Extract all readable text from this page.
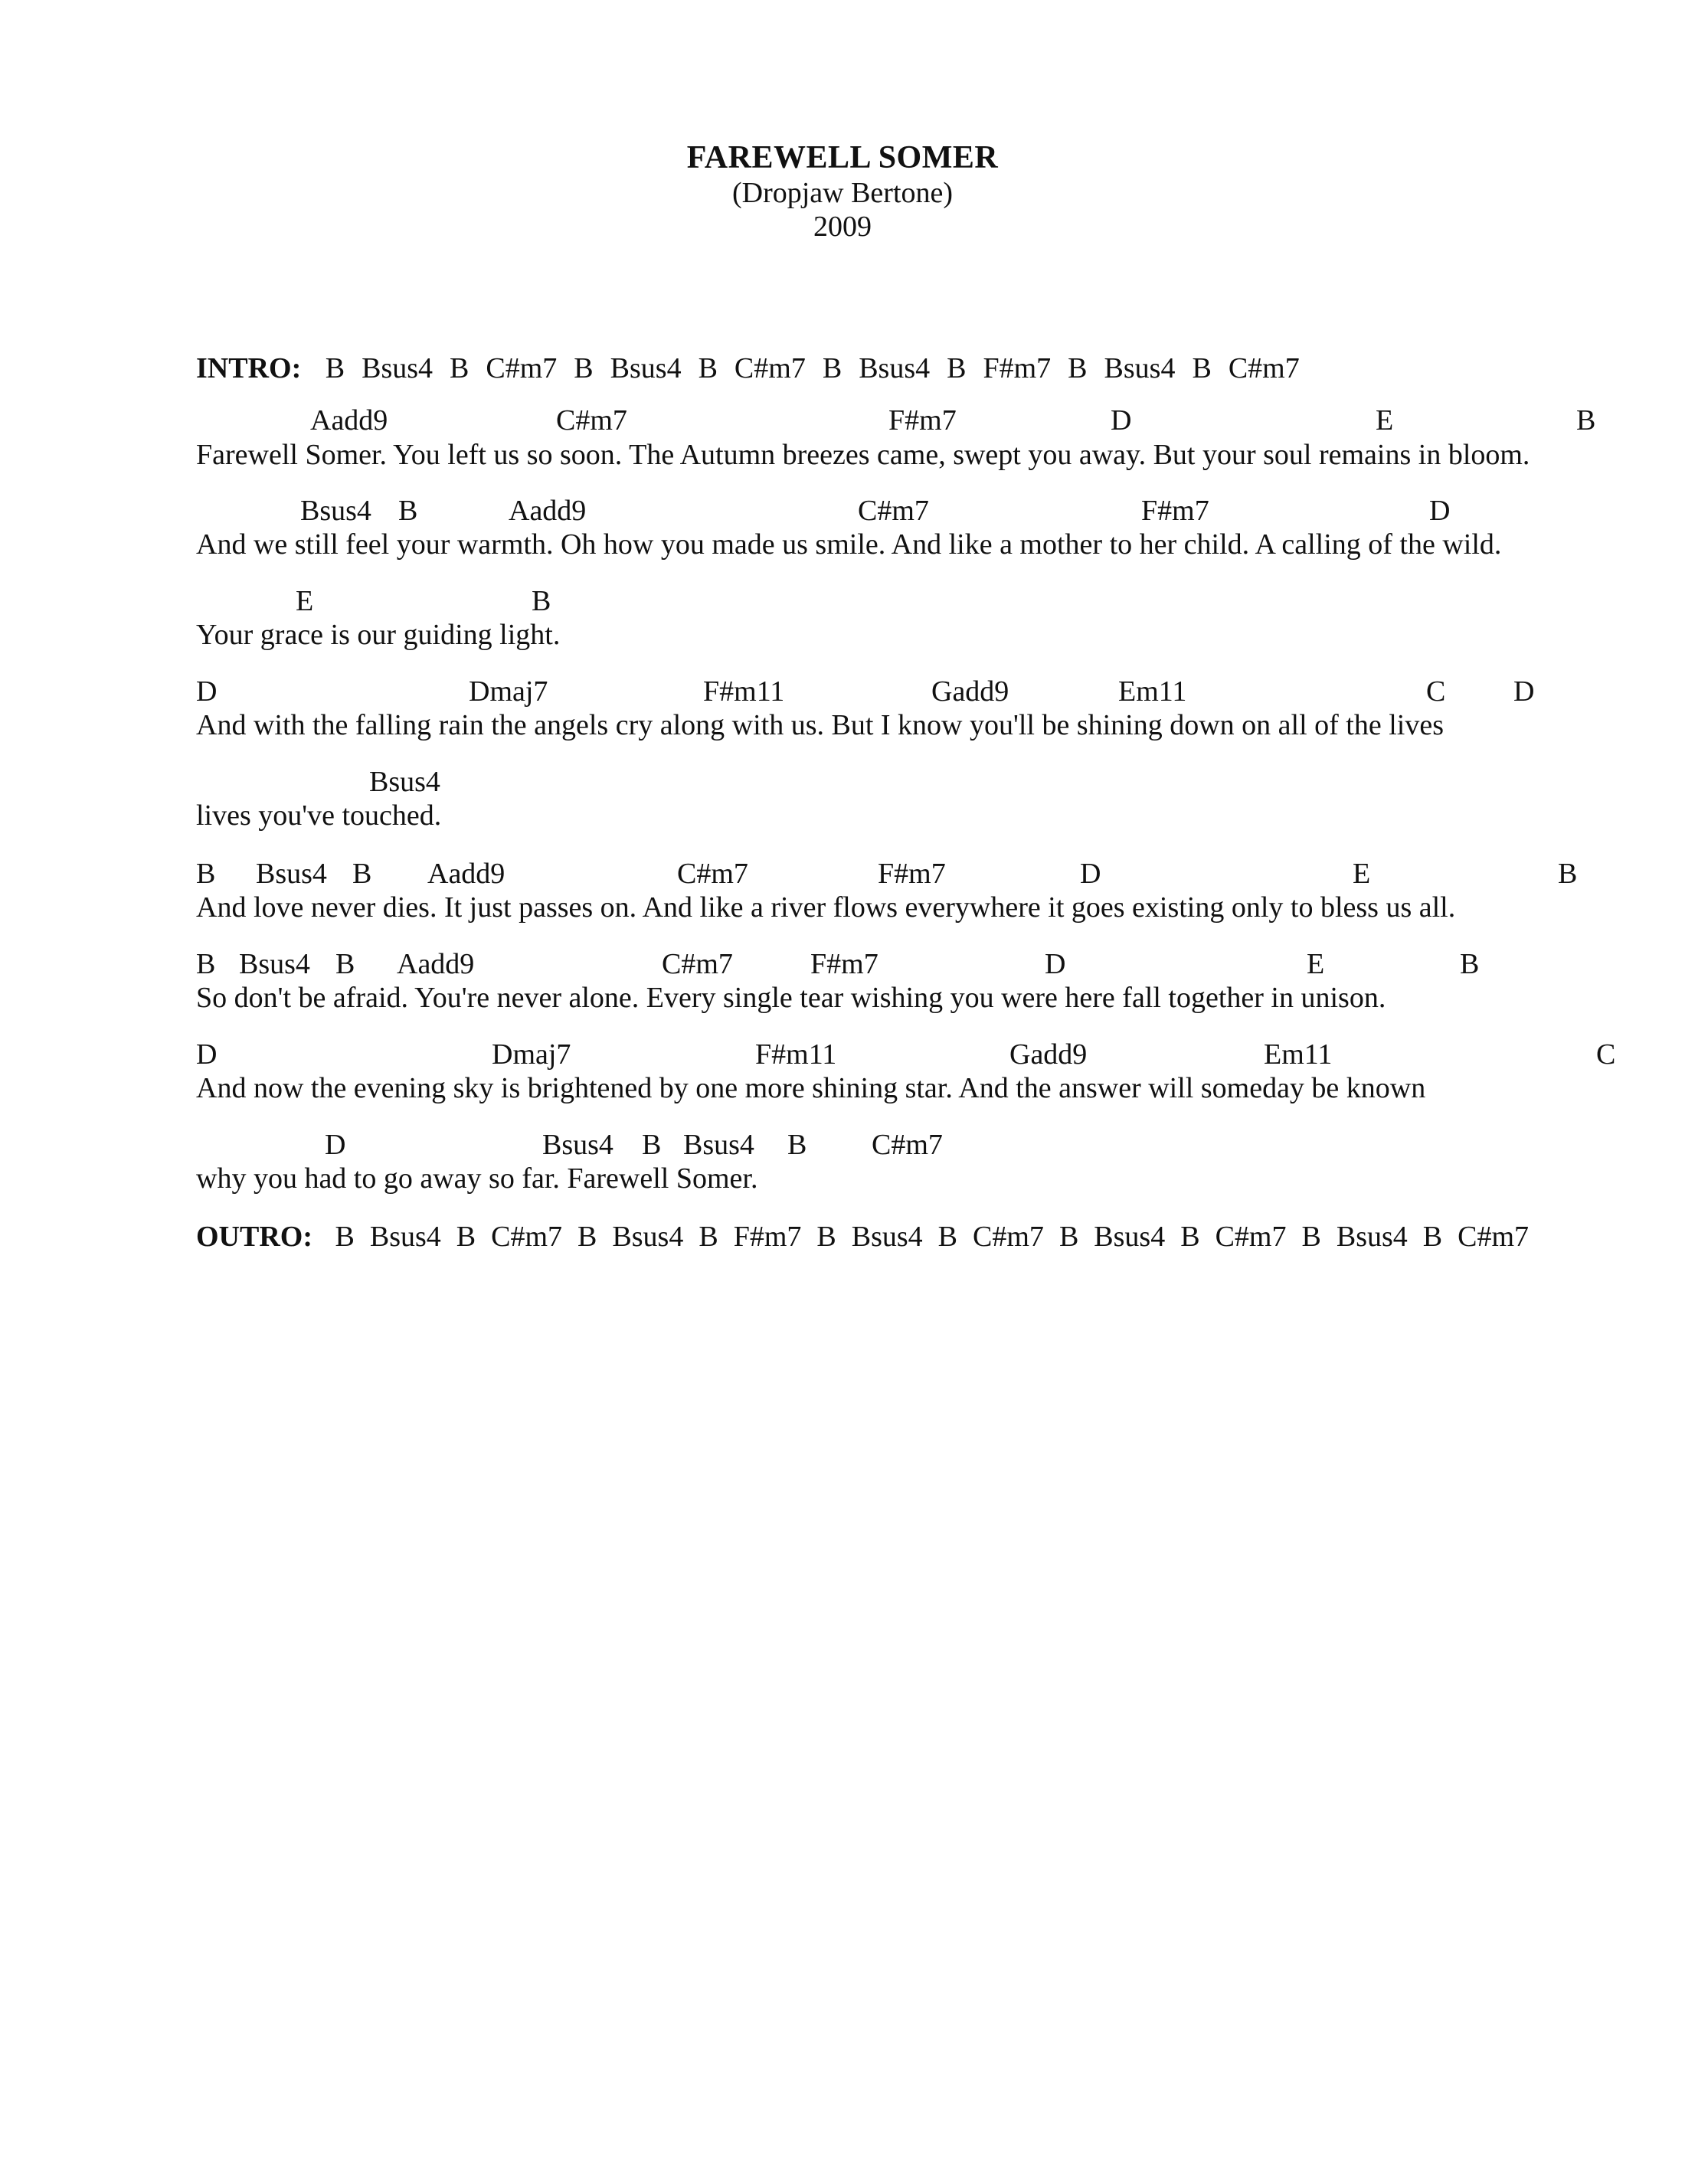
FAREWELL SOMER
(Dropjaw Bertone)
2009
INTRO: B Bsus4 B C#m7 B Bsus4 B C#m7 B Bsus4 B F#m7 B Bsus4 B C#m7
Aadd9	C#m7	F#m7	D	E	B
Farewell Somer. You left us so soon. The Autumn breezes came, swept you away. But your soul remains in bloom.
Bsus4 B	Aadd9	C#m7	F#m7	D
And we still feel your warmth. Oh how you made us smile. And like a mother to her child. A calling of the wild.
E	B
Your grace is our guiding light.
D	Dmaj7	F#m11	Gadd9	Em11	C D
And with the falling rain the angels cry along with us. But I know you'll be shining down on all of the lives
Bsus4
lives you've touched.
B Bsus4 B Aadd9	C#m7	F#m7	D	E	B
And love never dies. It just passes on. And like a river flows everywhere it goes existing only to bless us all.
B Bsus4 B Aadd9	C#m7	F#m7	D	E	B
So don't be afraid. You're never alone. Every single tear wishing you were here fall together in unison.
D	Dmaj7	F#m11	Gadd9	Em11	C
And now the evening sky is brightened by one more shining star. And the answer will someday be known
D	Bsus4 B Bsus4 B C#m7
why you had to go away so far. Farewell Somer.
OUTRO: B Bsus4 B C#m7 B Bsus4 B F#m7 B Bsus4 B C#m7 B Bsus4 B C#m7 B Bsus4 B C#m7
